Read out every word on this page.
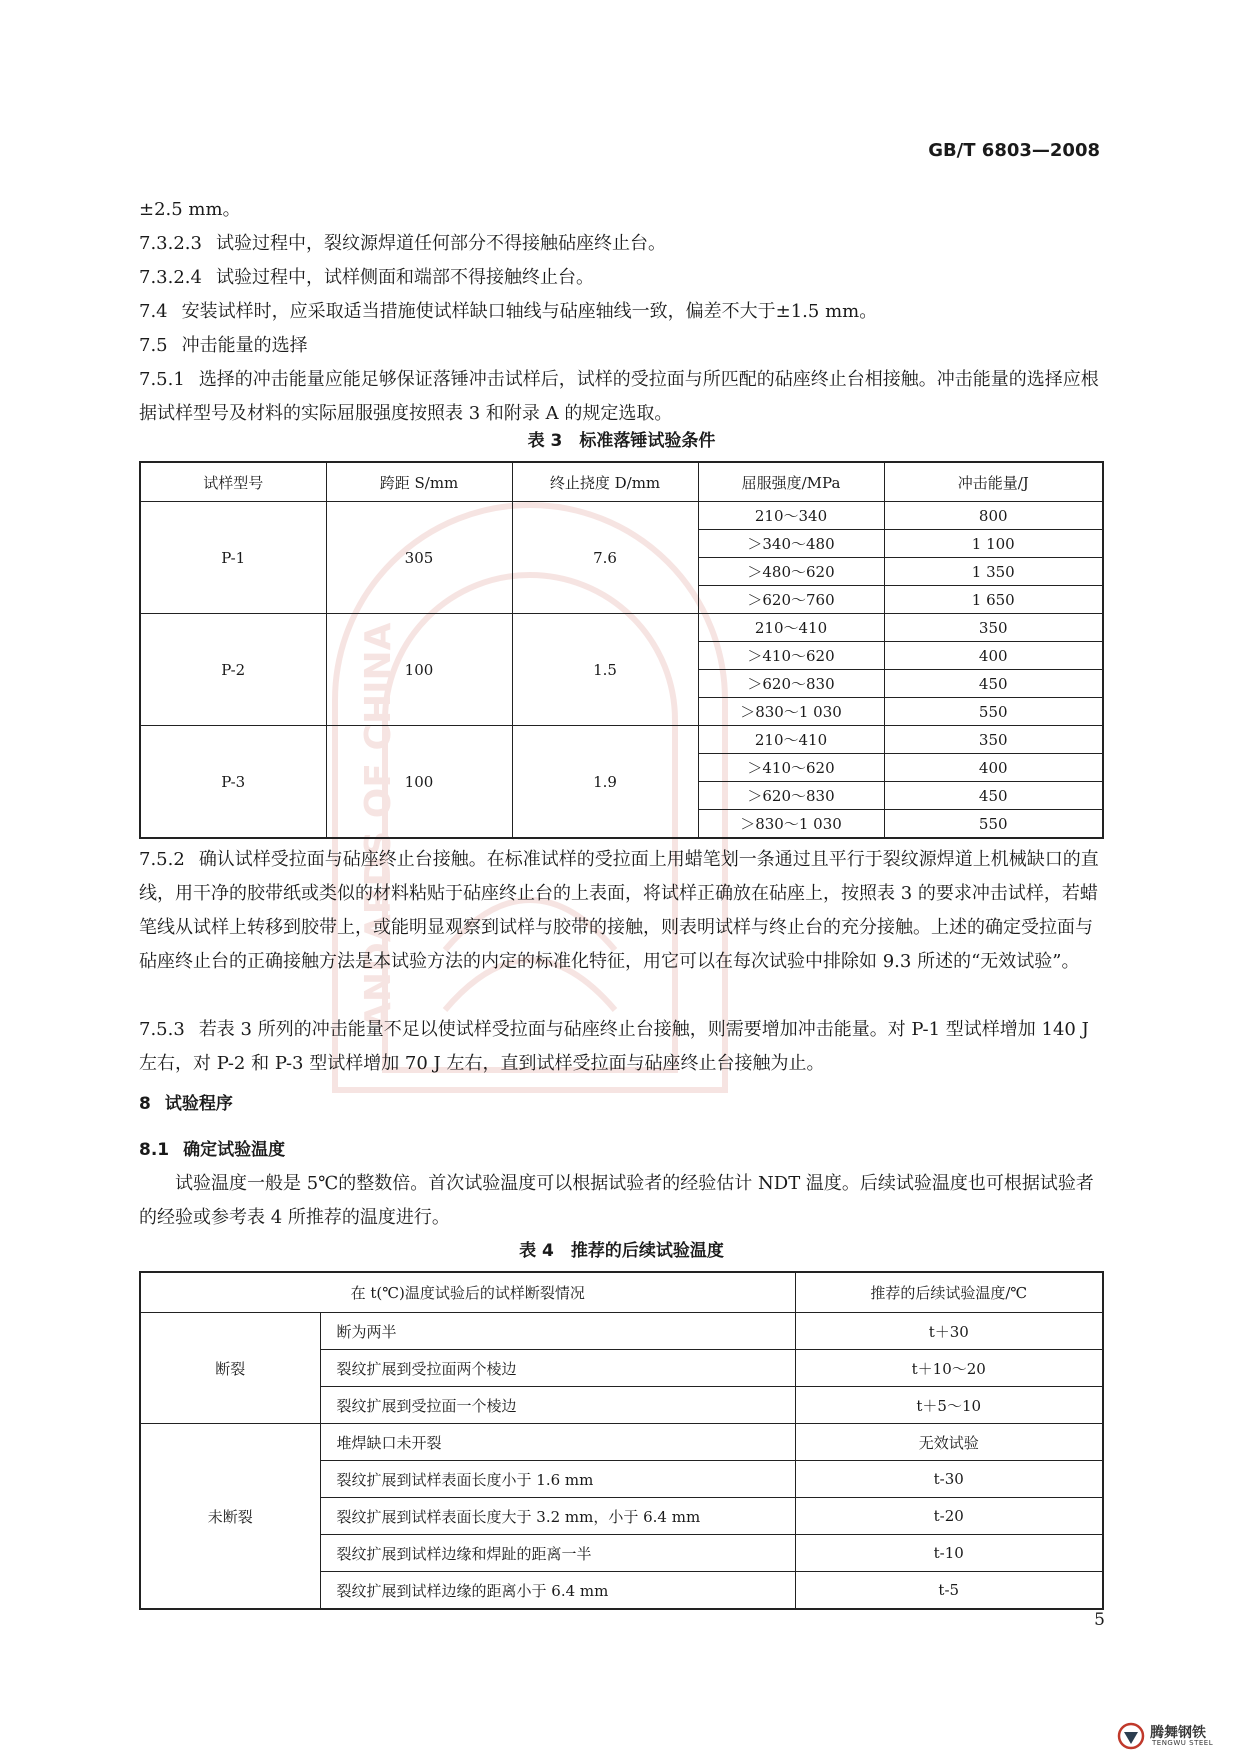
ANDARDS OF CHINA
GB/T 6803—2008

±2.5 mm。

7.3.2.3 试验过程中，裂纹源焊道任何部分不得接触砧座终止台。

7.3.2.4 试验过程中，试样侧面和端部不得接触终止台。

7.4 安装试样时，应采取适当措施使试样缺口轴线与砧座轴线一致，偏差不大于±1.5 mm。

7.5 冲击能量的选择

7.5.1 选择的冲击能量应能足够保证落锤冲击试样后，试样的受拉面与所匹配的砧座终止台相接触。冲击能量的选择应根据试样型号及材料的实际屈服强度按照表 3 和附录 A 的规定选取。

表 3　标准落锤试验条件
试样型号	跨距 S/mm	终止挠度 D/mm	屈服强度/MPa	冲击能量/J
P-1	305	7.6	210～340	800
			＞340～480	1 100
			＞480～620	1 350
			＞620～760	1 650
P-2	100	1.5	210～410	350
			＞410～620	400
			＞620～830	450
			＞830～1 030	550
P-3	100	1.9	210～410	350
			＞410～620	400
			＞620～830	450
			＞830～1 030	550

7.5.2 确认试样受拉面与砧座终止台接触。在标准试样的受拉面上用蜡笔划一条通过且平行于裂纹源焊道上机械缺口的直线，用干净的胶带纸或类似的材料粘贴于砧座终止台的上表面，将试样正确放在砧座上，按照表 3 的要求冲击试样，若蜡笔线从试样上转移到胶带上，或能明显观察到试样与胶带的接触，则表明试样与终止台的充分接触。上述的确定受拉面与砧座终止台的正确接触方法是本试验方法的内定的标准化特征，用它可以在每次试验中排除如 9.3 所述的“无效试验”。

7.5.3 若表 3 所列的冲击能量不足以使试样受拉面与砧座终止台接触，则需要增加冲击能量。对 P-1 型试样增加 140 J 左右，对 P-2 和 P-3 型试样增加 70 J 左右，直到试样受拉面与砧座终止台接触为止。

8 试验程序

8.1 确定试验温度

试验温度一般是 5℃的整数倍。首次试验温度可以根据试验者的经验估计 NDT 温度。后续试验温度也可根据试验者的经验或参考表 4 所推荐的温度进行。

表 4　推荐的后续试验温度
在 t(℃)温度试验后的试样断裂情况		推荐的后续试验温度/℃
断裂	断为两半	t＋30
	裂纹扩展到受拉面两个棱边	t＋10～20
	裂纹扩展到受拉面一个棱边	t＋5～10
未断裂	堆焊缺口未开裂	无效试验
	裂纹扩展到试样表面长度小于 1.6 mm	t-30
	裂纹扩展到试样表面长度大于 3.2 mm，小于 6.4 mm	t-20
	裂纹扩展到试样边缘和焊趾的距离一半	t-10
	裂纹扩展到试样边缘的距离小于 6.4 mm	t-5
5
腾舞钢铁
TENGWU STEEL
